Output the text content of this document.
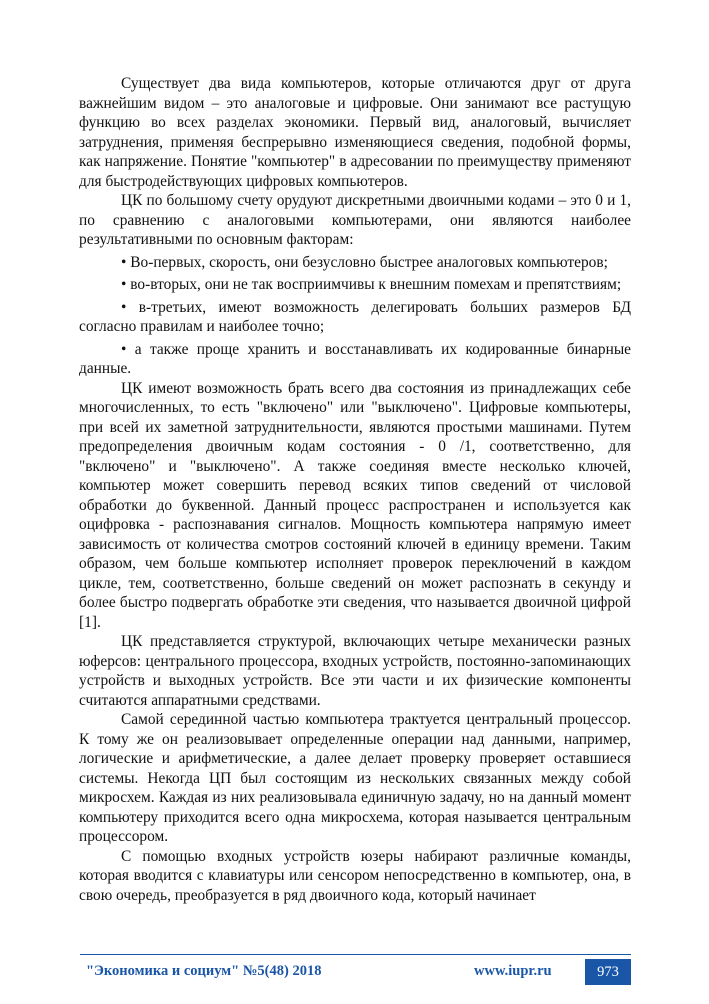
Существует два вида компьютеров, которые отличаются друг от друга важнейшим видом – это аналоговые и цифровые. Они занимают все растущую функцию во всех разделах экономики. Первый вид, аналоговый, вычисляет затруднения, применяя беспрерывно изменяющиеся сведения, подобной формы, как напряжение. Понятие "компьютер" в адресовании по преимуществу применяют для быстродействующих цифровых компьютеров.

ЦК по большому счету орудуют дискретными двоичными кодами – это 0 и 1, по сравнению с аналоговыми компьютерами, они являются наиболее результативными по основным факторам:

• Во-первых, скорость, они безусловно быстрее аналоговых компьютеров;

• во-вторых, они не так восприимчивы к внешним помехам и препятствиям;

• в-третьих, имеют возможность делегировать больших размеров БД согласно правилам и наиболее точно;

• а также проще хранить и восстанавливать их кодированные бинарные данные.

ЦК имеют возможность брать всего два состояния из принадлежащих себе многочисленных, то есть "включено" или "выключено". Цифровые компьютеры, при всей их заметной затруднительности, являются простыми машинами. Путем предопределения двоичным кодам состояния - 0 /1, соответственно, для "включено" и "выключено". А также соединяя вместе несколько ключей, компьютер может совершить перевод всяких типов сведений от числовой обработки до буквенной. Данный процесс распространен и используется как оцифровка - распознавания сигналов. Мощность компьютера напрямую имеет зависимость от количества смотров состояний ключей в единицу времени. Таким образом, чем больше компьютер исполняет проверок переключений в каждом цикле, тем, соответственно, больше сведений он может распознать в секунду и более быстро подвергать обработке эти сведения, что называется двоичной цифрой [1].

ЦК представляется структурой, включающих четыре механически разных юферсов: центрального процессора, входных устройств, постоянно-запоминающих устройств и выходных устройств. Все эти части и их физические компоненты считаются аппаратными средствами.

Самой серединной частью компьютера трактуется центральный процессор. К тому же он реализовывает определенные операции над данными, например, логические и арифметические, а далее делает проверку проверяет оставшиеся системы. Некогда ЦП был состоящим из нескольких связанных между собой микросхем. Каждая из них реализовывала единичную задачу, но на данный момент компьютеру приходится всего одна микросхема, которая называется центральным процессором.

С помощью входных устройств юзеры набирают различные команды, которая вводится с клавиатуры или сенсором непосредственно в компьютер, она, в свою очередь, преобразуется в ряд двоичного кода, который начинает

"Экономика и социум" №5(48) 2018	www.iupr.ru	973
